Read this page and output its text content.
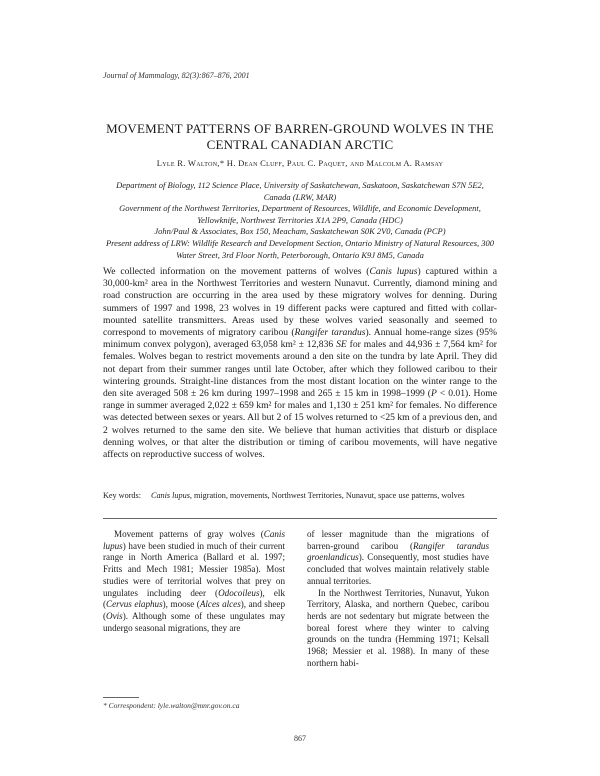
Journal of Mammalogy, 82(3):867–876, 2001
MOVEMENT PATTERNS OF BARREN-GROUND WOLVES IN THE
CENTRAL CANADIAN ARCTIC
Lyle R. Walton,* H. Dean Cluff, Paul C. Paquet, and Malcolm A. Ramsay
Department of Biology, 112 Science Place, University of Saskatchewan, Saskatoon, Saskatchewan S7N 5E2, Canada (LRW, MAR)
Government of the Northwest Territories, Department of Resources, Wildlife, and Economic Development, Yellowknife, Northwest Territories X1A 2P9, Canada (HDC)
John/Paul & Associates, Box 150, Meacham, Saskatchewan S0K 2V0, Canada (PCP)
Present address of LRW: Wildlife Research and Development Section, Ontario Ministry of Natural Resources, 300 Water Street, 3rd Floor North, Peterborough, Ontario K9J 8M5, Canada
We collected information on the movement patterns of wolves (Canis lupus) captured within a 30,000-km² area in the Northwest Territories and western Nunavut. Currently, diamond mining and road construction are occurring in the area used by these migratory wolves for denning. During summers of 1997 and 1998, 23 wolves in 19 different packs were captured and fitted with collar-mounted satellite transmitters. Areas used by these wolves varied seasonally and seemed to correspond to movements of migratory caribou (Rangifer tarandus). Annual home-range sizes (95% minimum convex polygon), averaged 63,058 km² ± 12,836 SE for males and 44,936 ± 7,564 km² for females. Wolves began to restrict movements around a den site on the tundra by late April. They did not depart from their summer ranges until late October, after which they followed caribou to their wintering grounds. Straight-line distances from the most distant location on the winter range to the den site averaged 508 ± 26 km during 1997–1998 and 265 ± 15 km in 1998–1999 (P < 0.01). Home range in summer averaged 2,022 ± 659 km² for males and 1,130 ± 251 km² for females. No difference was detected between sexes or years. All but 2 of 15 wolves returned to <25 km of a previous den, and 2 wolves returned to the same den site. We believe that human activities that disturb or displace denning wolves, or that alter the distribution or timing of caribou movements, will have negative affects on reproductive success of wolves.
Key words: Canis lupus, migration, movements, Northwest Territories, Nunavut, space use patterns, wolves

Movement patterns of gray wolves (Canis lupus) have been studied in much of their current range in North America (Ballard et al. 1997; Fritts and Mech 1981; Messier 1985a). Most studies were of territorial wolves that prey on ungulates including deer (Odocoileus), elk (Cervus elaphus), moose (Alces alces), and sheep (Ovis). Although some of these ungulates may undergo seasonal migrations, they are

of lesser magnitude than the migrations of barren-ground caribou (Rangifer tarandus groenlandicus). Consequently, most studies have concluded that wolves maintain relatively stable annual territories.

In the Northwest Territories, Nunavut, Yukon Territory, Alaska, and northern Quebec, caribou herds are not sedentary but migrate between the boreal forest where they winter to calving grounds on the tundra (Hemming 1971; Kelsall 1968; Messier et al. 1988). In many of these northern habi-

* Correspondent: lyle.walton@mnr.gov.on.ca
867
